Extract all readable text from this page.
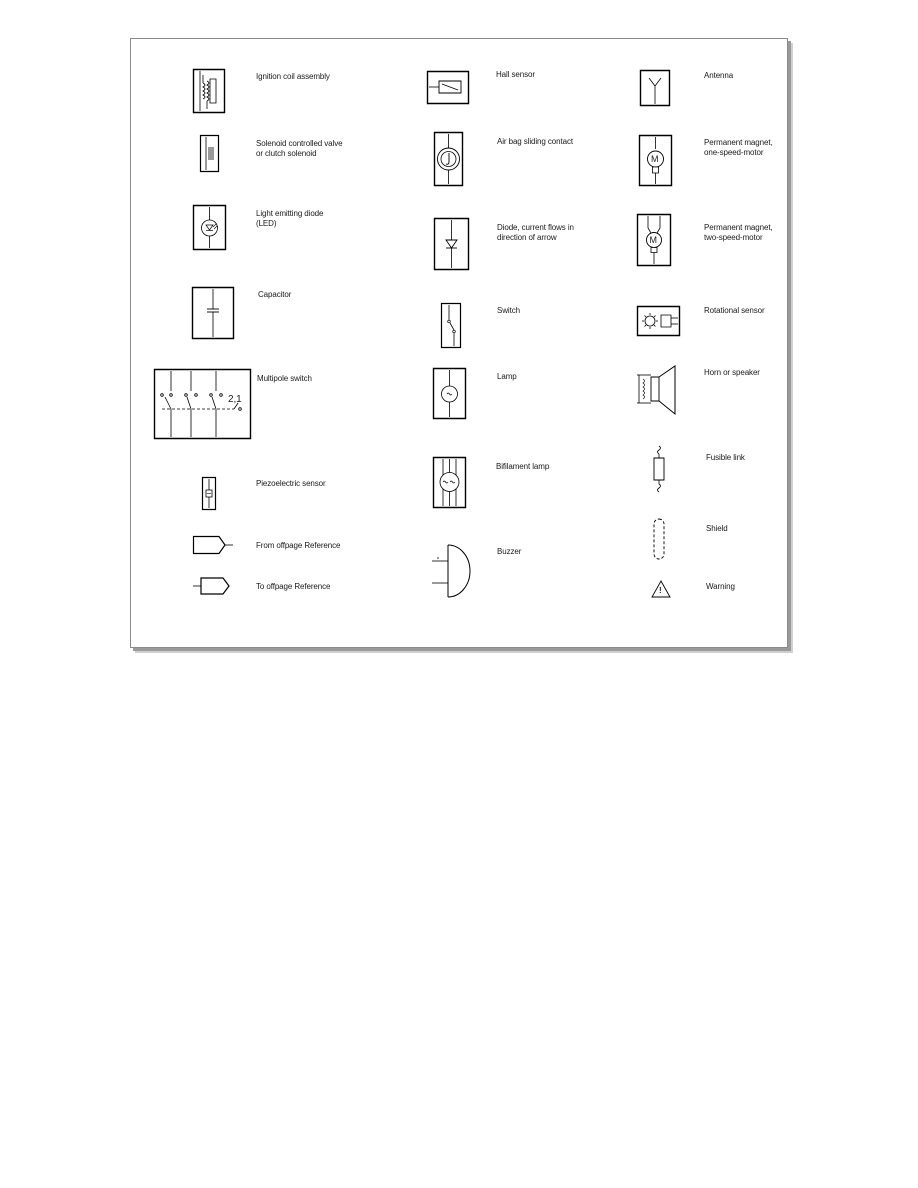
Ignition coil assembly
Solenoid controlled valve
or clutch solenoid
Light emitting diode
(LED)
Capacitor
2,1
Multipole switch
Piezoelectric sensor
From offpage Reference
To offpage Reference
Hall sensor
Air bag sliding contact
Diode, current flows in
direction of arrow
Switch
Lamp
Bifilament lamp
Buzzer
Antenna
M
Permanent magnet,
one-speed-motor
M
Permanent magnet,
two-speed-motor
Rotational sensor
Horn or speaker
Fusible link
Shield
!	Warning
